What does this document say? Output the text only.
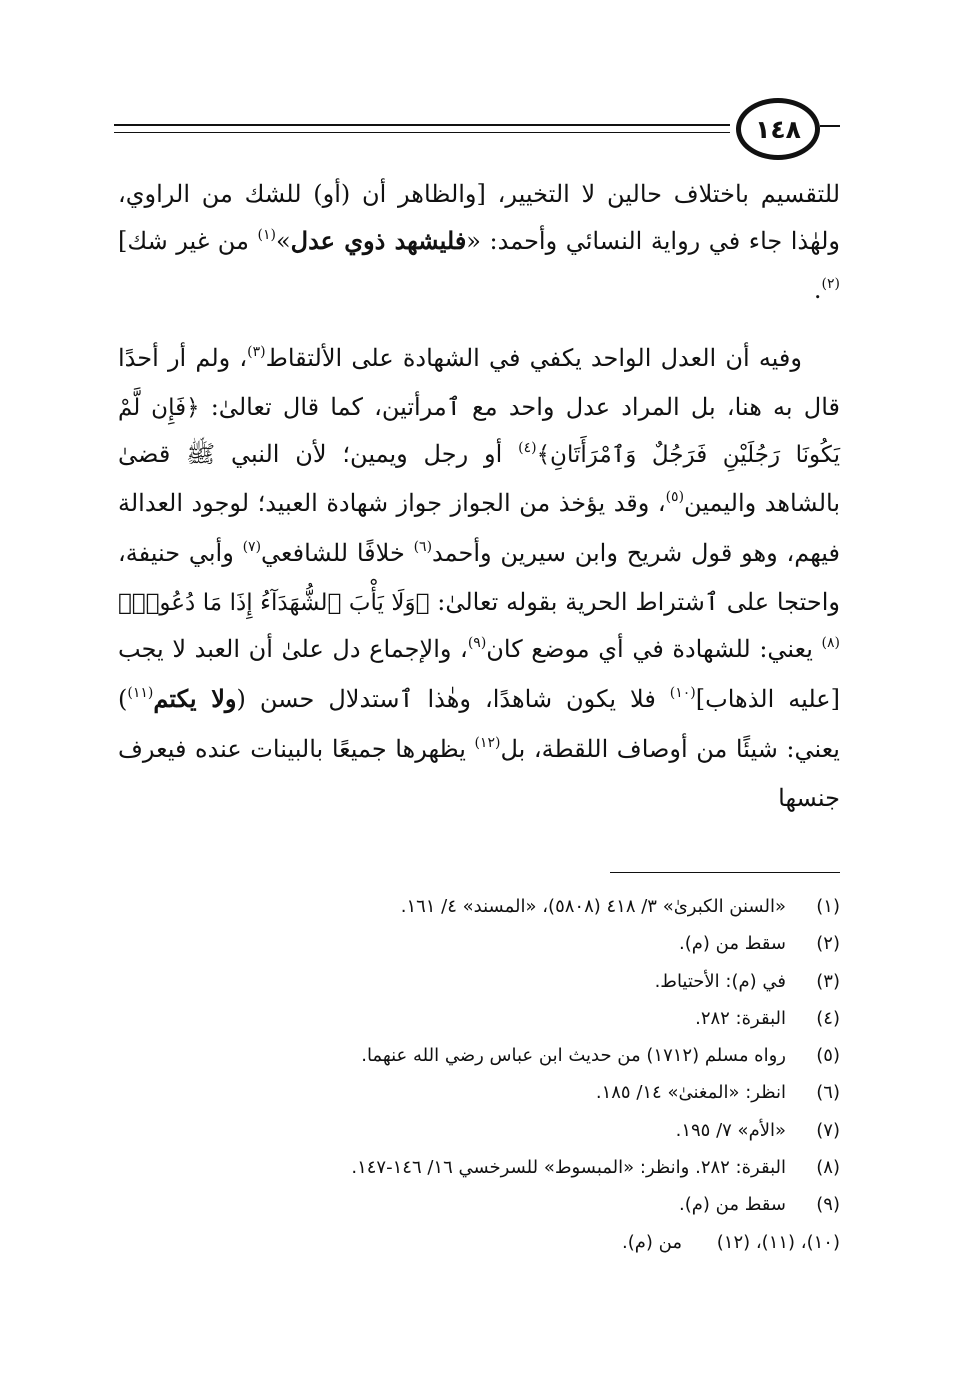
١٤٨

للتقسيم باختلاف حالين لا التخيير، [والظاهر أن (أو) للشك من الراوي، ولهٰذا جاء في رواية النسائي وأحمد: «فليشهد ذوي عدل»$^{(١)}$ من غير شك]$^{(٢)}$.

وفيه أن العدل الواحد يكفي في الشهادة على الألتقاط$^{(٣)}$، ولم أر أحدًا قال به هنا، بل المراد عدل واحد مع ٱمرأتين، كما قال تعالىٰ: ﴿فَإِن لَّمْ يَكُونَا رَجُلَيْنِ فَرَجُلٌ وَٱمْرَأَتَانِ﴾$^{(٤)}$ أو رجل ويمين؛ لأن النبي ﷺ قضىٰ بالشاهد واليمين$^{(٥)}$، وقد يؤخذ من الجواز جواز شهادة العبيد؛ لوجود العدالة فيهم، وهو قول شريح وابن سيرين وأحمد$^{(٦)}$ خلافًا للشافعي$^{(٧)}$ وأبي حنيفة، واحتجا على ٱشتراط الحرية بقوله تعالىٰ: ﴿وَلَا يَأْبَ ٱلشُّهَدَآءُ إِذَا مَا دُعُوا۟﴾$^{(٨)}$ يعني: للشهادة في أي موضع كان$^{(٩)}$، والإجماع دل علىٰ أن العبد لا يجب [عليه الذهاب]$^{(١٠)}$ فلا يكون شاهدًا، وهٰذا ٱستدلال حسن (ولا يكتم$^{(١١)}$) يعني: شيئًا من أوصاف اللقطة، بل$^{(١٢)}$ يظهرها جميعًا بالبينات عنده فيعرف جنسها

(١)
«السنن الكبرىٰ» ٣/ ٤١٨ (٥٨٠٨)، «المسند» ٤/ ١٦١.
(٢)
سقط من (م).
(٣)
في (م): الأحتياط.
(٤)
البقرة: ٢٨٢.
(٥)
رواه مسلم (١٧١٢) من حديث ابن عباس رضي الله عنهما.
(٦)
انظر: «المغنىٰ» ١٤/ ١٨٥.
(٧)
«الأم» ٧/ ١٩٥.
(٨)
البقرة: ٢٨٢. وانظر: «المبسوط» للسرخسي ١٦/ ١٤٦-١٤٧.
(٩)
سقط من (م).
(١٠)، (١١)، (١٢)
من (م).
